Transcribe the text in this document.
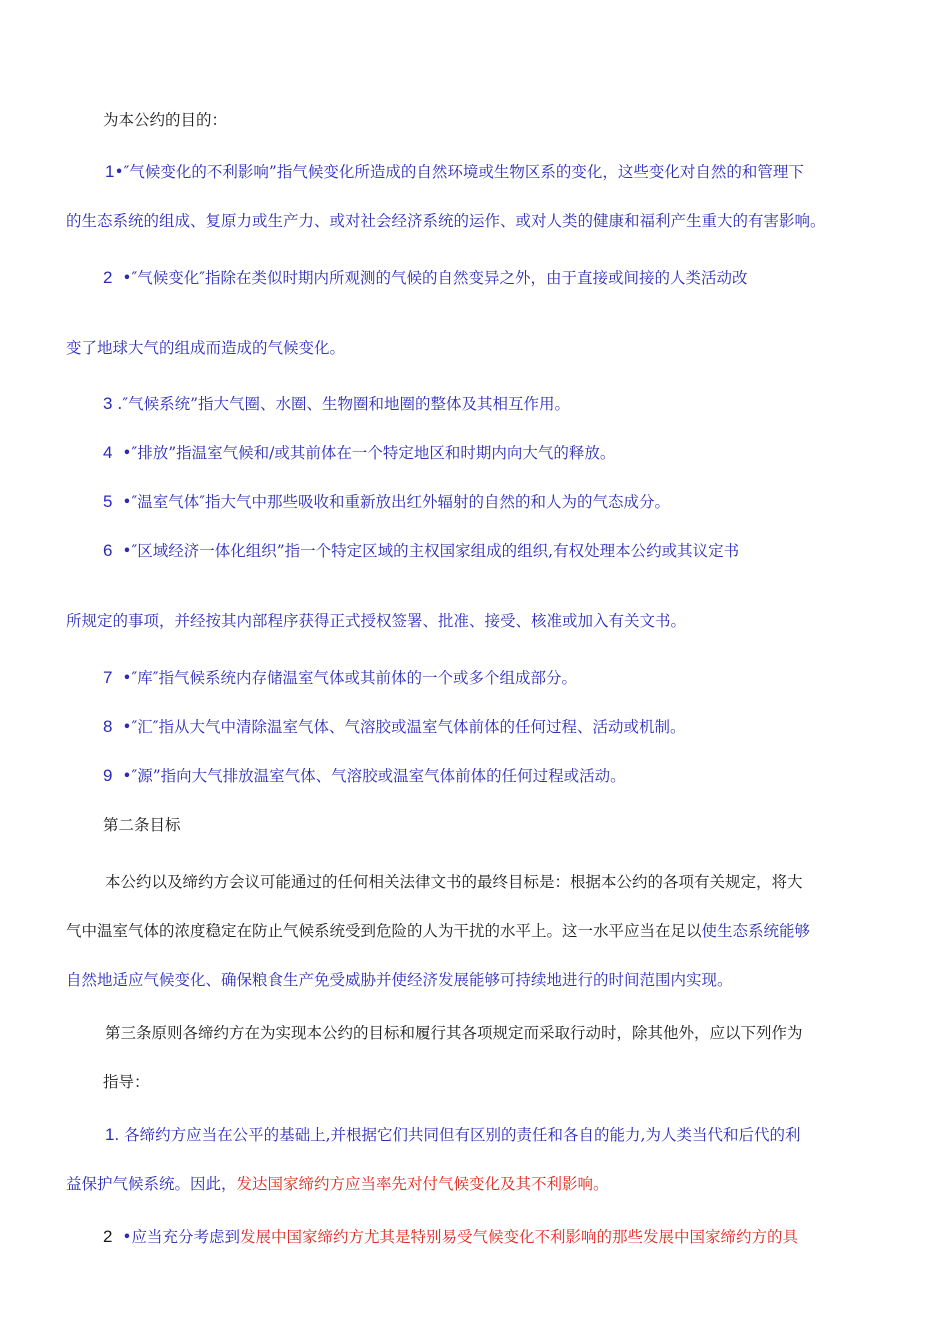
为本公约的目的：
1•″气候变化的不利影响”指气候变化所造成的自然环境或生物区系的变化，这些变化对自然的和管理下
的生态系统的组成、复原力或生产力、或对社会经济系统的运作、或对人类的健康和福利产生重大的有害影响。
2 •″气候变化″指除在类似时期内所观测的气候的自然变异之外，由于直接或间接的人类活动改
变了地球大气的组成而造成的气候变化。
3 .″气候系统”指大气圈、水圈、生物圈和地圈的整体及其相互作用。
4 •″排放”指温室气候和/或其前体在一个特定地区和时期内向大气的释放。
5 •″温室气体″指大气中那些吸收和重新放出红外辐射的自然的和人为的气态成分。
6 •″区域经济一体化组织”指一个特定区域的主权国家组成的组织,有权处理本公约或其议定书
所规定的事项，并经按其内部程序获得正式授权签署、批准、接受、核准或加入有关文书。
7 •″库″指气候系统内存储温室气体或其前体的一个或多个组成部分。
8 •″汇″指从大气中清除温室气体、气溶胶或温室气体前体的任何过程、活动或机制。
9 •″源”指向大气排放温室气体、气溶胶或温室气体前体的任何过程或活动。
第二条目标
本公约以及缔约方会议可能通过的任何相关法律文书的最终目标是：根据本公约的各项有关规定，将大
气中温室气体的浓度稳定在防止气候系统受到危险的人为干扰的水平上。这一水平应当在足以使生态系统能够
自然地适应气候变化、确保粮食生产免受威胁并使经济发展能够可持续地进行的时间范围内实现。
第三条原则各缔约方在为实现本公约的目标和履行其各项规定而采取行动时，除其他外，应以下列作为
指导：
1. 各缔约方应当在公平的基础上,并根据它们共同但有区别的责任和各自的能力,为人类当代和后代的利
益保护气候系统。因此，发达国家缔约方应当率先对付气候变化及其不利影响。
2 •应当充分考虑到发展中国家缔约方尤其是特别易受气候变化不利影响的那些发展中国家缔约方的具
